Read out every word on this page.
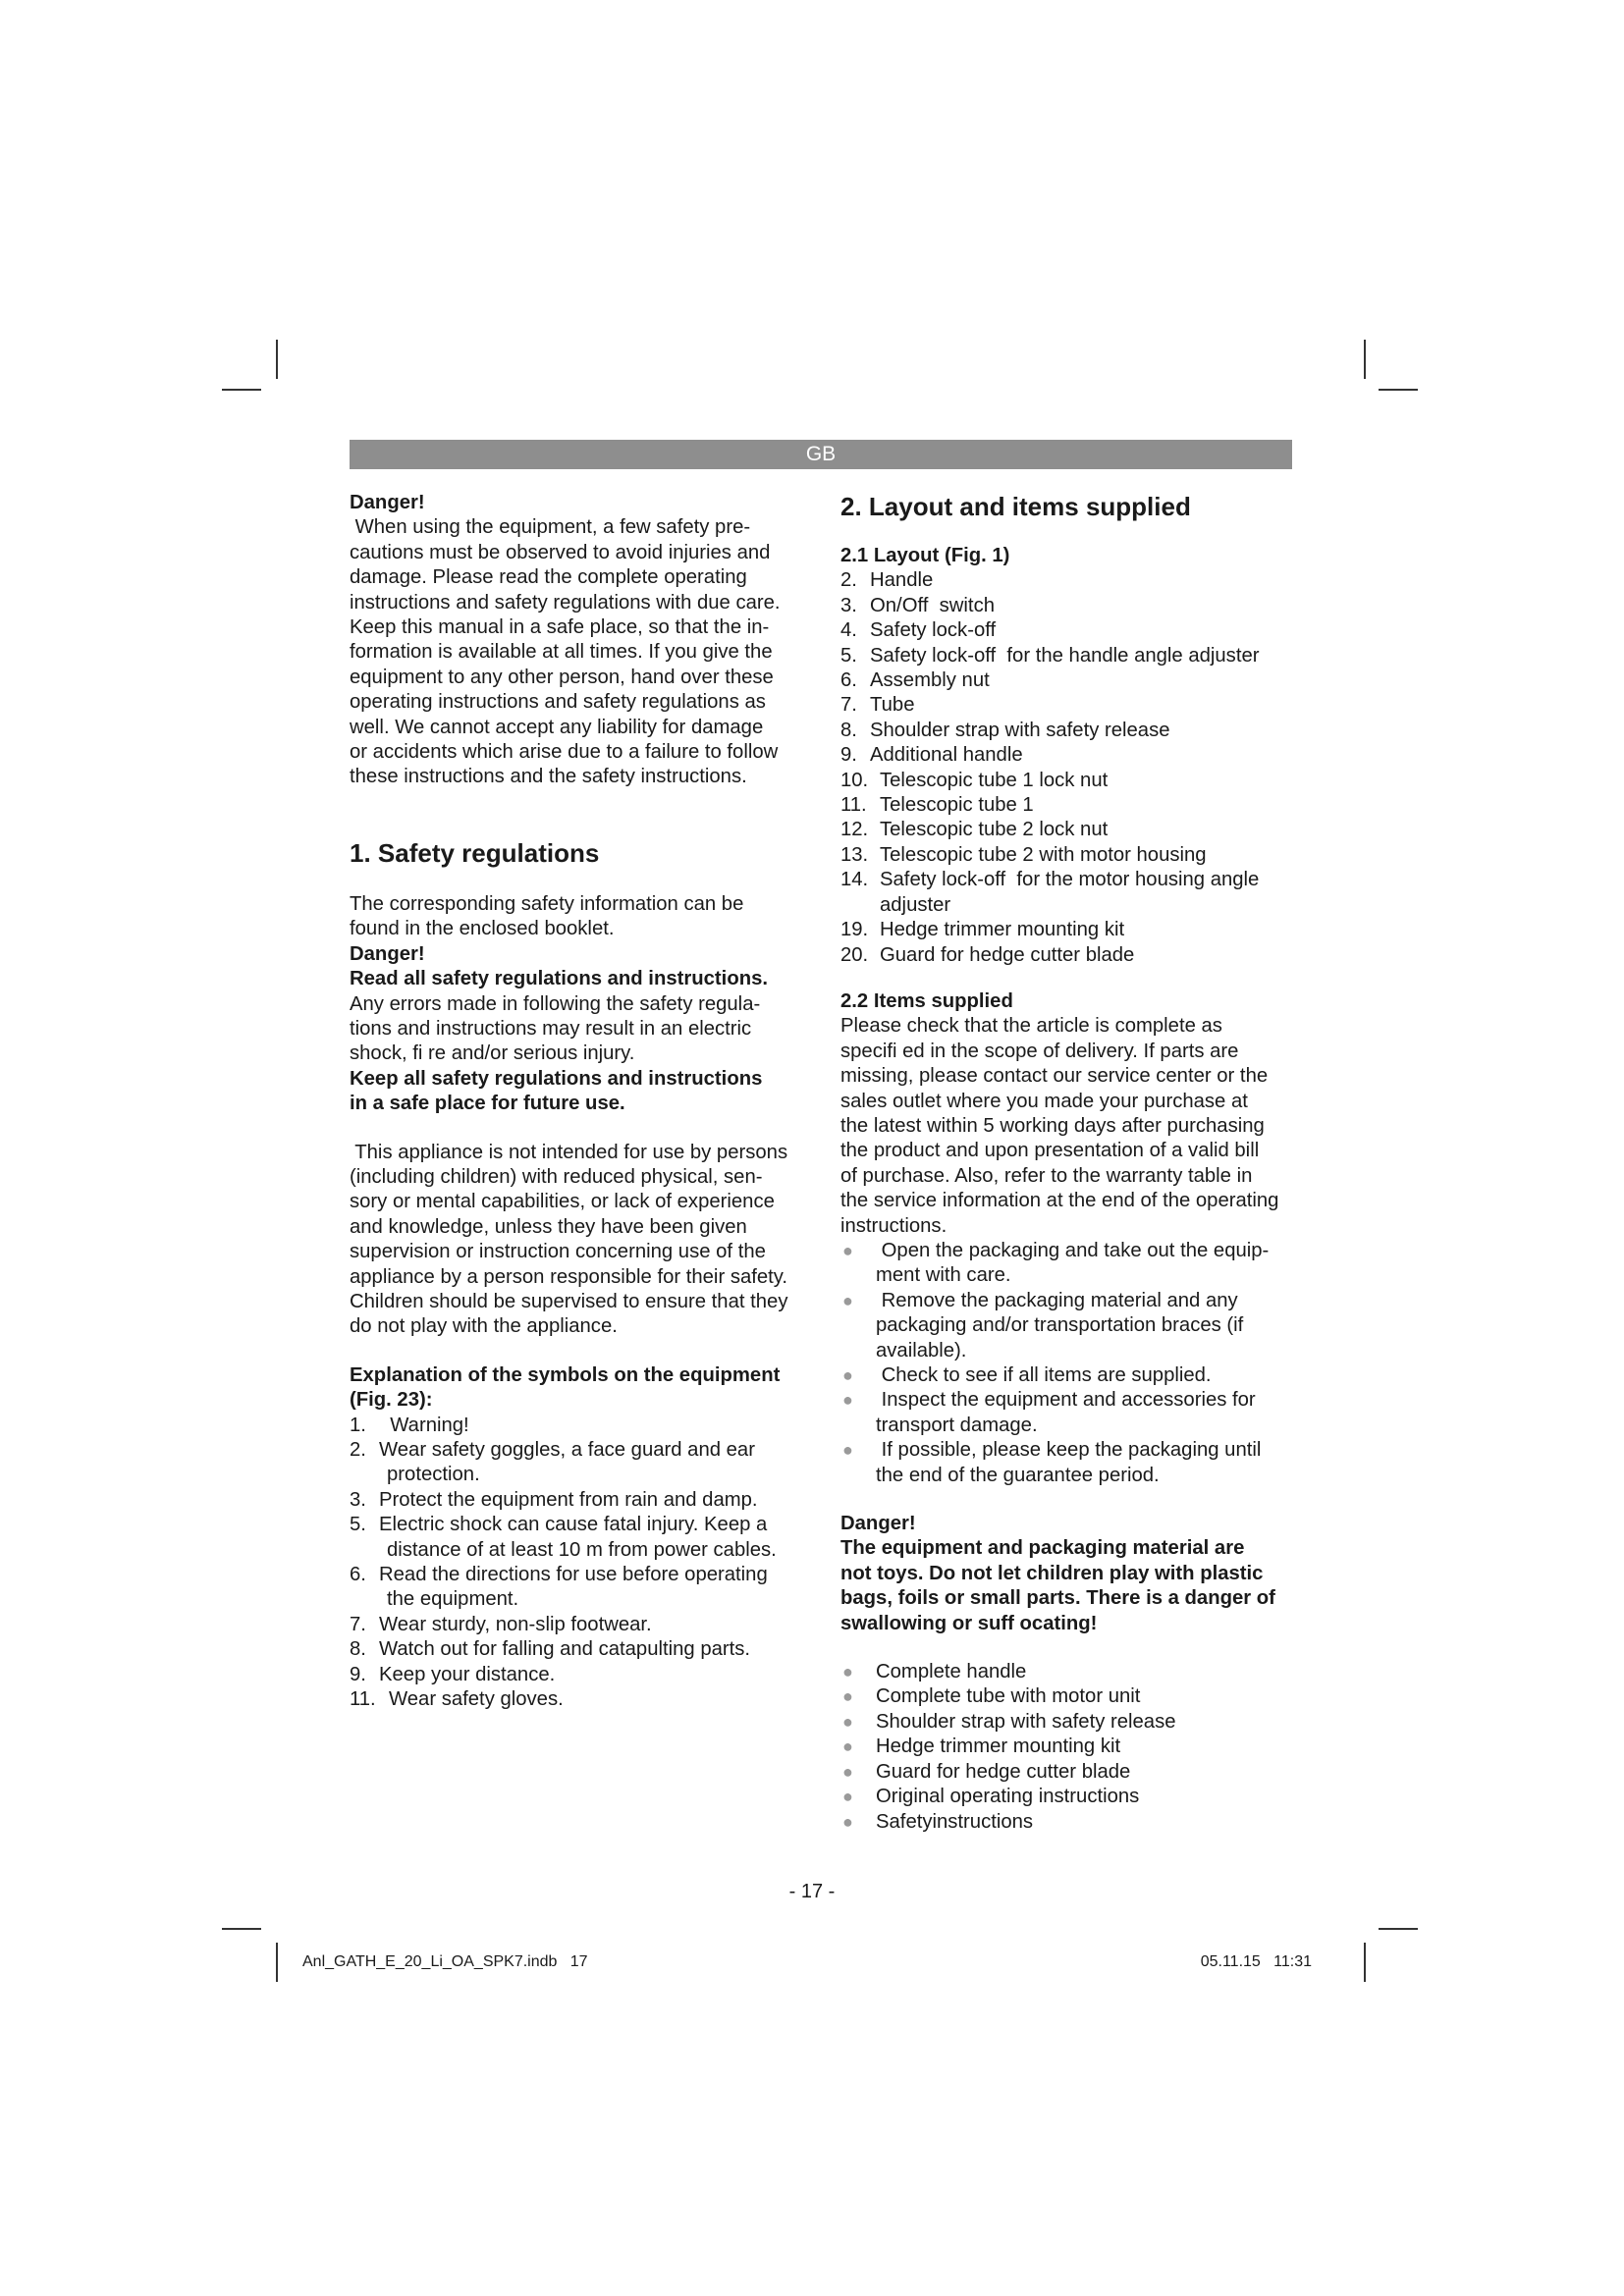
GB

Danger!

When using the equipment, a few safety pre-
cautions must be observed to avoid injuries and
damage. Please read the complete operating
instructions and safety regulations with due care.
Keep this manual in a safe place, so that the in-
formation is available at all times. If you give the
equipment to any other person, hand over these
operating instructions and safety regulations as
well. We cannot accept any liability for damage
or accidents which arise due to a failure to follow
these instructions and the safety instructions.

1. Safety regulations

The corresponding safety information can be
found in the enclosed booklet.

Danger!

Read all safety regulations and instructions.

Any errors made in following the safety regula-
tions and instructions may result in an electric
shock, fi re and/or serious injury.

Keep all safety regulations and instructions
in a safe place for future use.

This appliance is not intended for use by persons
(including children) with reduced physical, sen-
sory or mental capabilities, or lack of experience
and knowledge, unless they have been given
supervision or instruction concerning use of the
appliance by a person responsible for their safety.
Children should be supervised to ensure that they
do not play with the appliance.

Explanation of the symbols on the equipment
(Fig. 23):

1. Warning!
2. Wear safety goggles, a face guard and ear
protection.
3. Protect the equipment from rain and damp.
5. Electric shock can cause fatal injury. Keep a
distance of at least 10 m from power cables.
6. Read the directions for use before operating
the equipment.
7. Wear sturdy, non-slip footwear.
8. Watch out for falling and catapulting parts.
9. Keep your distance.
11. Wear safety gloves.
2. Layout and items supplied

2.1 Layout (Fig. 1)

2. Handle
3. On/Off  switch
4. Safety lock-off
5. Safety lock-off  for the handle angle adjuster
6. Assembly nut
7. Tube
8. Shoulder strap with safety release
9. Additional handle
10. Telescopic tube 1 lock nut
11. Telescopic tube 1
12. Telescopic tube 2 lock nut
13. Telescopic tube 2 with motor housing
14. Safety lock-off  for the motor housing angle
adjuster
19. Hedge trimmer mounting kit
20. Guard for hedge cutter blade

2.2 Items supplied

Please check that the article is complete as
specifi ed in the scope of delivery. If parts are
missing, please contact our service center or the
sales outlet where you made your purchase at
the latest within 5 working days after purchasing
the product and upon presentation of a valid bill
of purchase. Also, refer to the warranty table in
the service information at the end of the operating
instructions.

● Open the packaging and take out the equip-
ment with care.
● Remove the packaging material and any
packaging and/or transportation braces (if
available).
● Check to see if all items are supplied.
● Inspect the equipment and accessories for
transport damage.
● If possible, please keep the packaging until
the end of the guarantee period.

Danger!

The equipment and packaging material are
not toys. Do not let children play with plastic
bags, foils or small parts. There is a danger of
swallowing or suff ocating!

● Complete handle
● Complete tube with motor unit
● Shoulder strap with safety release
● Hedge trimmer mounting kit
● Guard for hedge cutter blade
● Original operating instructions
● Safetyinstructions
- 17 -
Anl_GATH_E_20_Li_OA_SPK7.indb   17	05.11.15   11:31
